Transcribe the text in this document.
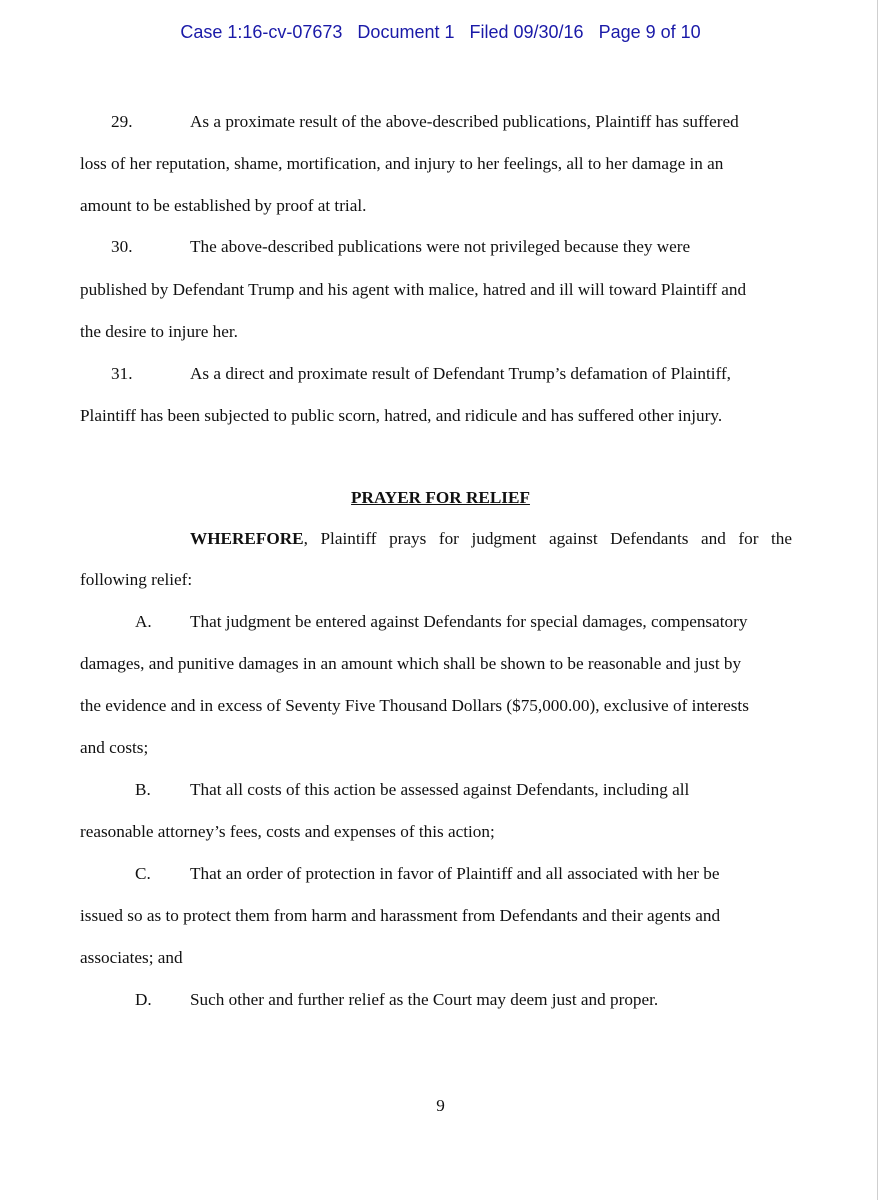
Case 1:16-cv-07673   Document 1   Filed 09/30/16   Page 9 of 10
29.	As a proximate result of the above-described publications, Plaintiff has suffered
loss of her reputation, shame, mortification, and injury to her feelings, all to her damage in an
amount to be established by proof at trial.
30.	The above-described publications were not privileged because they were
published by Defendant Trump and his agent with malice, hatred and ill will toward Plaintiff and
the desire to injure her.
31.	As a direct and proximate result of Defendant Trump’s defamation of Plaintiff,
Plaintiff has been subjected to public scorn, hatred, and ridicule and has suffered other injury.
PRAYER FOR RELIEF
WHEREFORE, Plaintiff prays for judgment against Defendants and for the
following relief:
A. That judgment be entered against Defendants for special damages, compensatory
damages, and punitive damages in an amount which shall be shown to be reasonable and just by
the evidence and in excess of Seventy Five Thousand Dollars ($75,000.00), exclusive of interests
and costs;
B. That all costs of this action be assessed against Defendants, including all
reasonable attorney’s fees, costs and expenses of this action;
C. That an order of protection in favor of Plaintiff and all associated with her be
issued so as to protect them from harm and harassment from Defendants and their agents and
associates; and
D. Such other and further relief as the Court may deem just and proper.
9
